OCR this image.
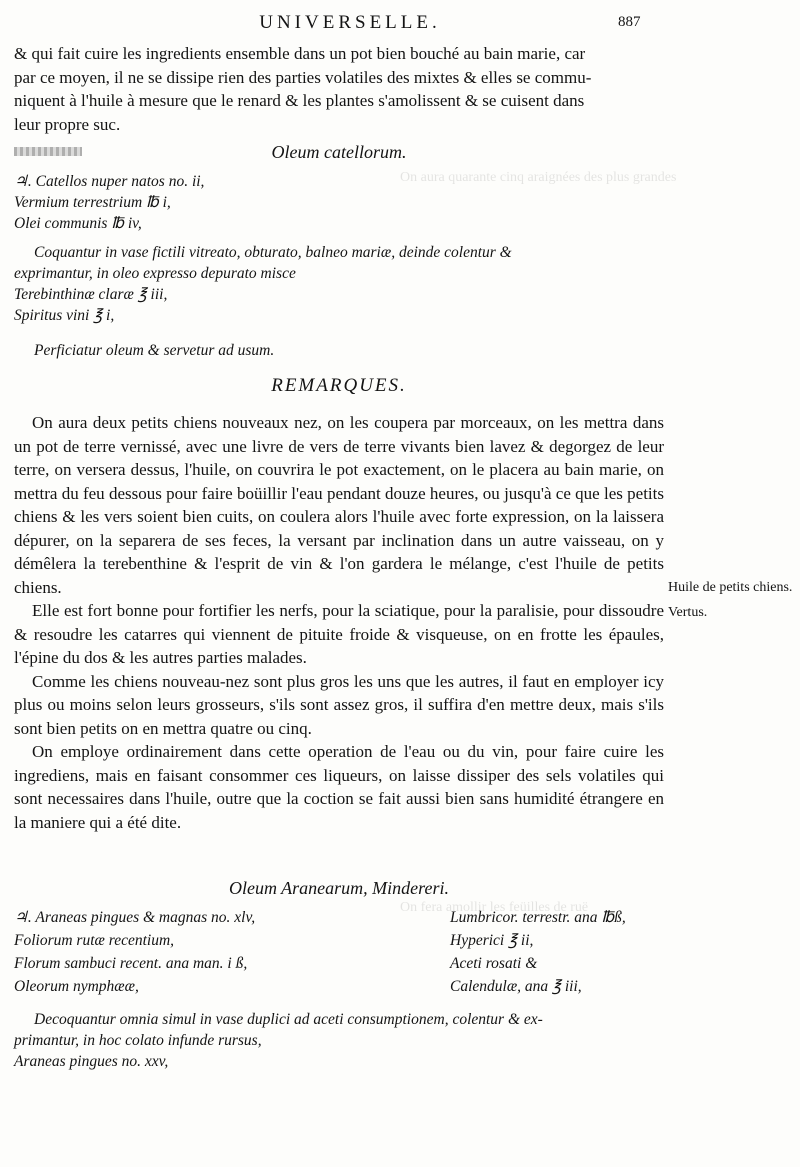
On aura quarante cinq araignées des plus grandes
On fera amollir les feüilles de ruë
UNIVERSELLE.	887
& qui fait cuire les ingredients ensemble dans un pot bien bouché au bain marie, car
par ce moyen, il ne se dissipe rien des parties volatiles des mixtes & elles se commu-
niquent à l'huile à mesure que le renard & les plantes s'amolissent & se cuisent dans
leur propre suc.
Oleum catellorum.
♃. Catellos nuper natos no. ii,
Vermium terrestrium ℔ i,
Olei communis ℔ iv,
Coquantur in vase fictili vitreato, obturato, balneo mariæ, deinde colentur &
exprimantur, in oleo expresso depurato misce
Terebinthinæ claræ ℥ iii,
Spiritus vini ℥ i,
Perficiatur oleum & servetur ad usum.
REMARQUES.

On aura deux petits chiens nouveaux nez, on les coupera par morceaux, on les mettra dans un pot de terre vernissé, avec une livre de vers de terre vivants bien lavez & degorgez de leur terre, on versera dessus, l'huile, on couvrira le pot exactement, on le placera au bain marie, on mettra du feu dessous pour faire boüillir l'eau pendant douze heures, ou jusqu'à ce que les petits chiens & les vers soient bien cuits, on coulera alors l'huile avec forte expression, on la laissera dépurer, on la separera de ses feces, la versant par inclination dans un autre vaisseau, on y démêlera la terebenthine & l'esprit de vin & l'on gardera le mélange, c'est l'huile de petits chiens.

Elle est fort bonne pour fortifier les nerfs, pour la sciatique, pour la paralisie, pour dissoudre & resoudre les catarres qui viennent de pituite froide & visqueuse, on en frotte les épaules, l'épine du dos & les autres parties malades.

Comme les chiens nouveau-nez sont plus gros les uns que les autres, il faut en employer icy plus ou moins selon leurs grosseurs, s'ils sont assez gros, il suffira d'en mettre deux, mais s'ils sont bien petits on en mettra quatre ou cinq.

On employe ordinairement dans cette operation de l'eau ou du vin, pour faire cuire les ingrediens, mais en faisant consommer ces liqueurs, on laisse dissiper des sels volatiles qui sont necessaires dans l'huile, outre que la coction se fait aussi bien sans humidité étrangere en la maniere qui a été dite.

Oleum Aranearum, Mindereri.
♃. Araneas pingues & magnas no. xlv,	Lumbricor. terrestr. ana ℔ß,
Foliorum rutæ recentium,	Hyperici ℥ ii,
Florum sambuci recent. ana man. i ß,	Aceti rosati &
Oleorum nymphææ,	Calendulæ, ana ℥ iii,
Decoquantur omnia simul in vase duplici ad aceti consumptionem, colentur & ex-
primantur, in hoc colato infunde rursus,
Araneas pingues no. xxv,
Huile de petits chiens.
Vertus.
